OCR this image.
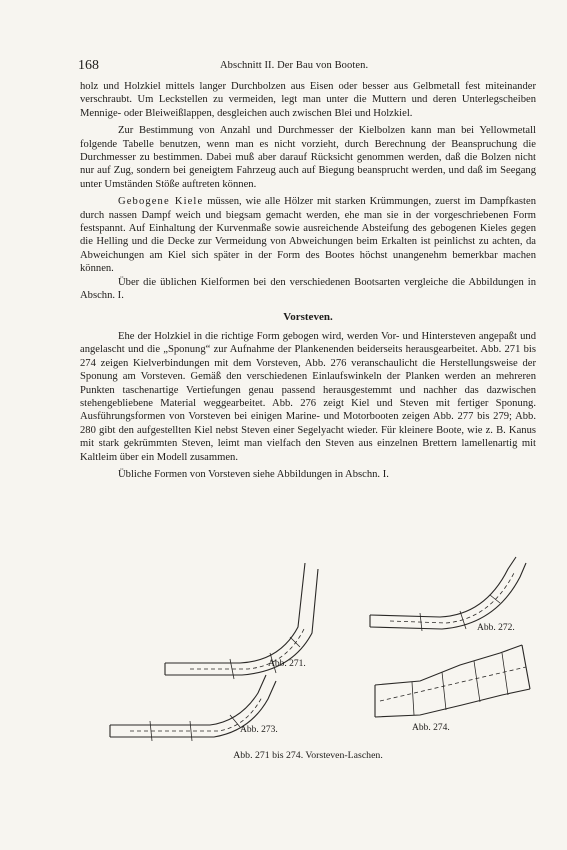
168	Abschnitt II. Der Bau von Booten.

holz und Holzkiel mittels langer Durchbolzen aus Eisen oder besser aus Gelbmetall fest miteinander verschraubt. Um Leckstellen zu vermeiden, legt man unter die Muttern und deren Unterlegscheiben Mennige- oder Bleiweißlappen, desgleichen auch zwischen Blei und Holzkiel.

Zur Bestimmung von Anzahl und Durchmesser der Kielbolzen kann man bei Yellowmetall folgende Tabelle benutzen, wenn man es nicht vorzieht, durch Berechnung der Beanspruchung die Durchmesser zu bestimmen. Dabei muß aber darauf Rücksicht genommen werden, daß die Bolzen nicht nur auf Zug, sondern bei geneigtem Fahrzeug auch auf Biegung beansprucht werden, und daß im Seegang unter Umständen Stöße auftreten können.

Gebogene Kiele müssen, wie alle Hölzer mit starken Krümmungen, zuerst im Dampfkasten durch nassen Dampf weich und biegsam gemacht werden, ehe man sie in der vorgeschriebenen Form festspannt. Auf Einhaltung der Kurvenmaße sowie ausreichende Absteifung des gebogenen Kieles gegen die Helling und die Decke zur Vermeidung von Abweichungen beim Erkalten ist peinlichst zu achten, da Abweichungen am Kiel sich später in der Form des Bootes höchst unangenehm bemerkbar machen können.

Über die üblichen Kielformen bei den verschiedenen Bootsarten vergleiche die Abbildungen in Abschn. I.

Vorsteven.

Ehe der Holzkiel in die richtige Form gebogen wird, werden Vor- und Hintersteven angepaßt und angelascht und die „Sponung“ zur Aufnahme der Plankenenden beiderseits herausgearbeitet. Abb. 271 bis 274 zeigen Kielverbindungen mit dem Vorsteven, Abb. 276 veranschaulicht die Herstellungsweise der Sponung am Vorsteven. Gemäß den verschiedenen Einlaufswinkeln der Planken werden an mehreren Punkten taschenartige Vertiefungen genau passend herausgestemmt und nachher das dazwischen stehengebliebene Material weggearbeitet. Abb. 276 zeigt Kiel und Steven mit fertiger Sponung. Ausführungsformen von Vorsteven bei einigen Marine- und Motorbooten zeigen Abb. 277 bis 279; Abb. 280 gibt den aufgestellten Kiel nebst Steven einer Segelyacht wieder. Für kleinere Boote, wie z. B. Kanus mit stark gekrümmten Steven, leimt man vielfach den Steven aus einzelnen Brettern lamellenartig mit Kaltleim über ein Modell zusammen.

Übliche Formen von Vorsteven siehe Abbildungen in Abschn. I.

Abb. 271.
Abb. 272.
Abb. 273.	Abb. 274.
Abb. 271 bis 274. Vorsteven-Laschen.
